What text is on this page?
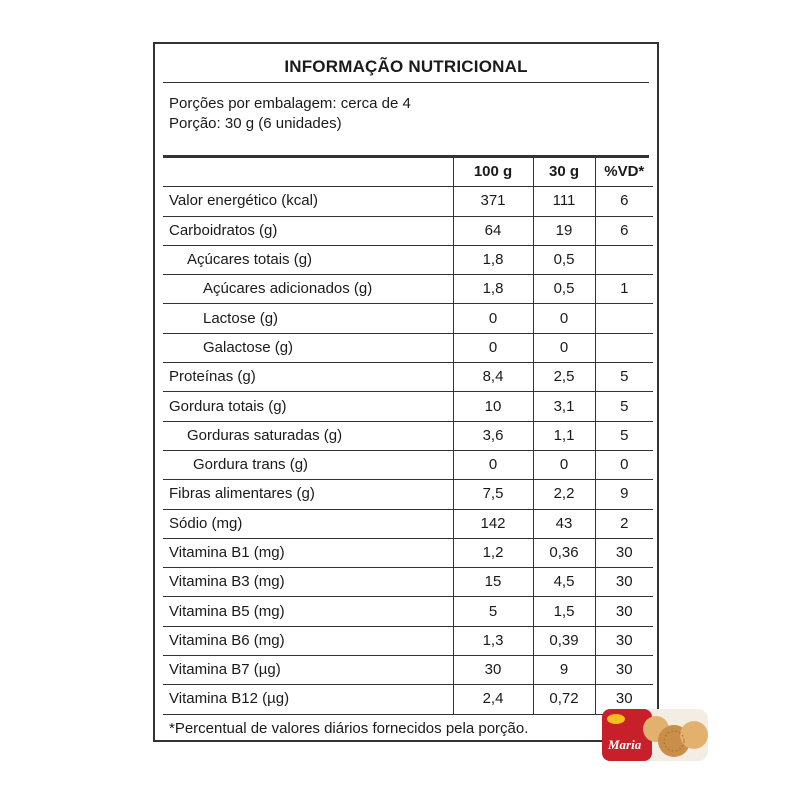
INFORMAÇÃO NUTRICIONAL
Porções por embalagem: cerca de 4
Porção: 30 g (6 unidades)
	100 g	30 g	%VD*
Valor energético (kcal)	371	111	6
Carboidratos (g)	64	19	6
Açúcares totais (g)	1,8	0,5	
Açúcares adicionados (g)	1,8	0,5	1
Lactose (g)	0	0	
Galactose (g)	0	0	
Proteínas (g)	8,4	2,5	5
Gordura totais (g)	10	3,1	5
Gorduras saturadas (g)	3,6	1,1	5
Gordura trans (g)	0	0	0
Fibras alimentares (g)	7,5	2,2	9
Sódio (mg)	142	43	2
Vitamina B1 (mg)	1,2	0,36	30
Vitamina B3 (mg)	15	4,5	30
Vitamina B5 (mg)	5	1,5	30
Vitamina B6 (mg)	1,3	0,39	30
Vitamina B7 (µg)	30	9	30
Vitamina B12 (µg)	2,4	0,72	30
*Percentual de valores diários fornecidos pela porção.
Maria
